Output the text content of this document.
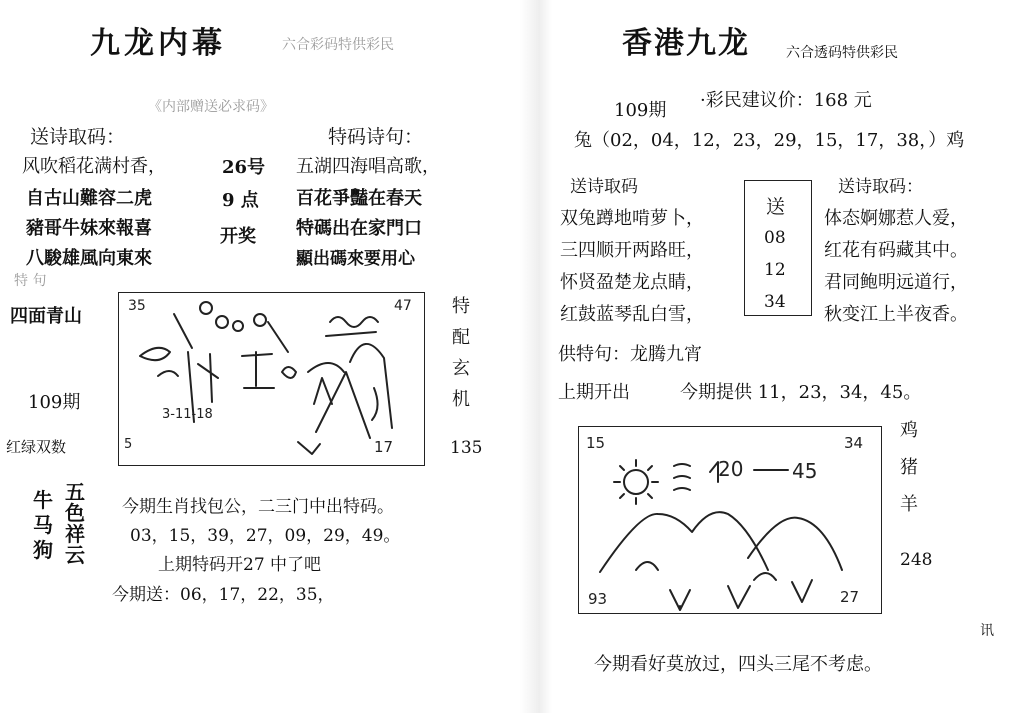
九龙内幕	六合彩码特供彩民
《内部赠送必求码》
送诗取码：	特码诗句：
风吹稻花满村香，
自古山難容二虎
豬哥牛妹來報喜
八駿雄風向東來
26号
9 点
开奖
五湖四海唱高歌，
百花爭豔在春天
特碼出在家門口
顯出碼來要用心
特 句
四面青山
109期
红绿双数
35	47
3-11-18
5	17
特
配
玄
机
135
牛
马
狗
五
色
祥
云
今期生肖找包公，二三门中出特码。
03，15，39，27，09，29，49。
上期特码开27 中了吧
今期送：06，17，22，35，
香港九龙	六合透码特供彩民
109期 ·彩民建议价：168 元
兔（02，04，12，23，29，15，17，38，）鸡
送诗取码	送诗取码：
双兔蹲地啃萝卜，
三四顺开两路旺，
怀贤盈楚龙点睛，
红鼓蓝琴乱白雪，
送
08
12
34
体态婀娜惹人爱，
红花有码藏其中。
君同鲍明远道行，
秋变江上半夜香。
供特句：龙腾九宵
上期开出	今期提供 11，23，34，45。
15	34
20 45
93	27
鸡
猪
羊
248
讯
今期看好莫放过，四头三尾不考虑。
